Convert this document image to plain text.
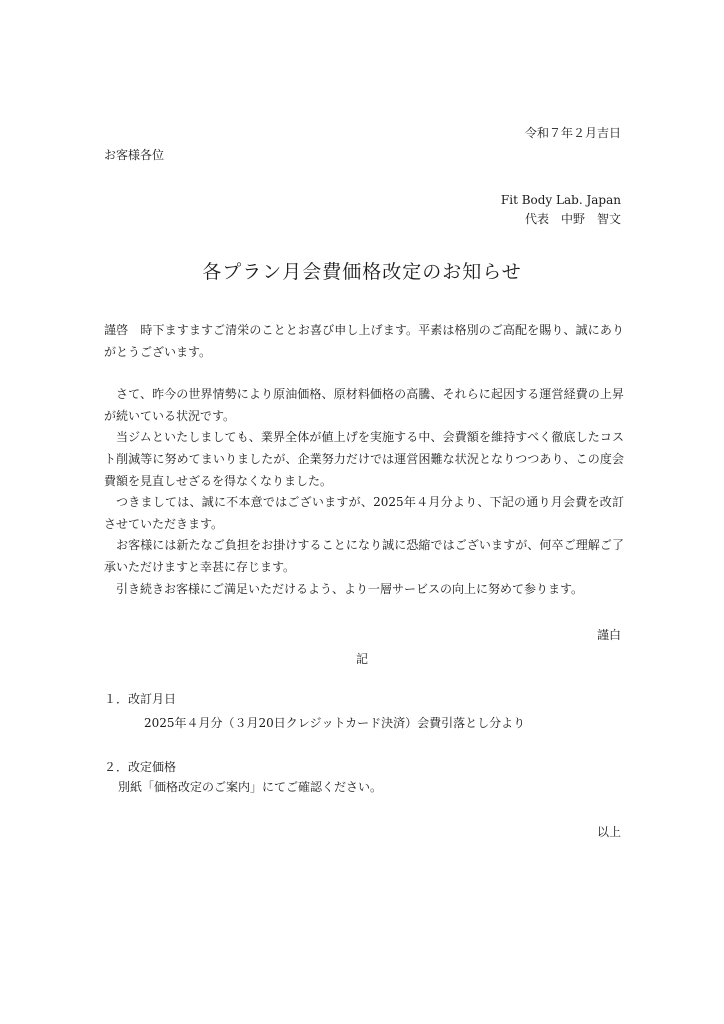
令和７年２月吉日
お客様各位
Fit Body Lab. Japan
代表　中野　智文
各プラン月会費価格改定のお知らせ

謹啓　時下ますますご清栄のこととお喜び申し上げます。平素は格別のご高配を賜り、誠にありがとうございます。

さて、昨今の世界情勢により原油価格、原材料価格の高騰、それらに起因する運営経費の上昇が続いている状況です。

当ジムといたしましても、業界全体が値上げを実施する中、会費額を維持すべく徹底したコスト削減等に努めてまいりましたが、企業努力だけでは運営困難な状況となりつつあり、この度会費額を見直しせざるを得なくなりました。

つきましては、誠に不本意ではございますが、2025年４月分より、下記の通り月会費を改訂させていただきます。

お客様には新たなご負担をお掛けすることになり誠に恐縮ではございますが、何卒ご理解ご了承いただけますと幸甚に存じます。

引き続きお客様にご満足いただけるよう、より一層サービスの向上に努めて参ります。

謹白
記
１．改訂月日
2025年４月分（３月20日クレジットカード決済）会費引落とし分より
２．改定価格
別紙「価格改定のご案内」にてご確認ください。
以上
